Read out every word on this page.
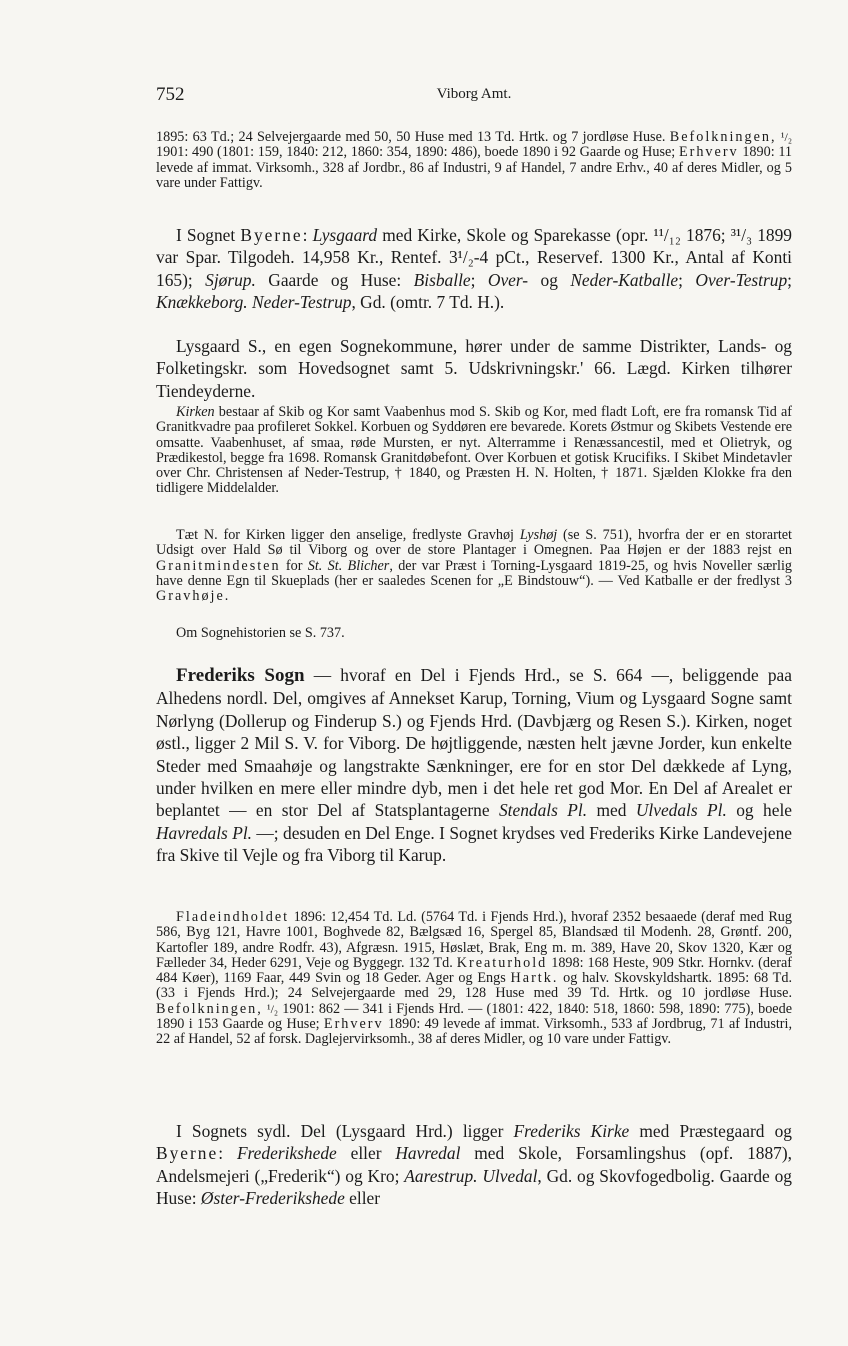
752	Viborg Amt.

1895: 63 Td.; 24 Selvejergaarde med 50, 50 Huse med 13 Td. Hrtk. og 7 jordløse Huse. Befolkningen, ¹/₂ 1901: 490 (1801: 159, 1840: 212, 1860: 354, 1890: 486), boede 1890 i 92 Gaarde og Huse; Erhverv 1890: 11 levede af immat. Virksomh., 328 af Jordbr., 86 af Industri, 9 af Handel, 7 andre Erhv., 40 af deres Midler, og 5 vare under Fattigv.

I Sognet Byerne: Lysgaard med Kirke, Skole og Sparekasse (opr. ¹¹/₁₂ 1876; ³¹/₃ 1899 var Spar. Tilgodeh. 14,958 Kr., Rentef. 3¹/₂-4 pCt., Reservef. 1300 Kr., Antal af Konti 165); Sjørup. Gaarde og Huse: Bisballe; Over- og Neder-Katballe; Over-Testrup; Knækkeborg. Neder-Testrup, Gd. (omtr. 7 Td. H.).

Lysgaard S., en egen Sognekommune, hører under de samme Distrikter, Lands- og Folketingskr. som Hovedsognet samt 5. Udskrivningskr.' 66. Lægd. Kirken tilhører Tiendeyderne.

Kirken bestaar af Skib og Kor samt Vaabenhus mod S. Skib og Kor, med fladt Loft, ere fra romansk Tid af Granitkvadre paa profileret Sokkel. Korbuen og Syddøren ere bevarede. Korets Østmur og Skibets Vestende ere omsatte. Vaabenhuset, af smaa, røde Mursten, er nyt. Alterramme i Renæssancestil, med et Olietryk, og Prædikestol, begge fra 1698. Romansk Granitdøbefont. Over Korbuen et gotisk Krucifiks. I Skibet Mindetavler over Chr. Christensen af Neder-Testrup, † 1840, og Præsten H. N. Holten, † 1871. Sjælden Klokke fra den tidligere Middelalder.

Tæt N. for Kirken ligger den anselige, fredlyste Gravhøj Lyshøj (se S. 751), hvorfra der er en storartet Udsigt over Hald Sø til Viborg og over de store Plantager i Omegnen. Paa Højen er der 1883 rejst en Granitmindesten for St. St. Blicher, der var Præst i Torning-Lysgaard 1819-25, og hvis Noveller særlig have denne Egn til Skueplads (her er saaledes Scenen for „E Bindstouw“). — Ved Katballe er der fredlyst 3 Gravhøje.

Om Sognehistorien se S. 737.

Frederiks Sogn — hvoraf en Del i Fjends Hrd., se S. 664 —, beliggende paa Alhedens nordl. Del, omgives af Annekset Karup, Torning, Vium og Lysgaard Sogne samt Nørlyng (Dollerup og Finderup S.) og Fjends Hrd. (Davbjærg og Resen S.). Kirken, noget østl., ligger 2 Mil S. V. for Viborg. De højtliggende, næsten helt jævne Jorder, kun enkelte Steder med Smaahøje og langstrakte Sænkninger, ere for en stor Del dækkede af Lyng, under hvilken en mere eller mindre dyb, men i det hele ret god Mor. En Del af Arealet er beplantet — en stor Del af Statsplantagerne Stendals Pl. med Ulvedals Pl. og hele Havredals Pl. —; desuden en Del Enge. I Sognet krydses ved Frederiks Kirke Landevejene fra Skive til Vejle og fra Viborg til Karup.

Fladeindholdet 1896: 12,454 Td. Ld. (5764 Td. i Fjends Hrd.), hvoraf 2352 besaaede (deraf med Rug 586, Byg 121, Havre 1001, Boghvede 82, Bælgsæd 16, Spergel 85, Blandsæd til Modenh. 28, Grøntf. 200, Kartofler 189, andre Rodfr. 43), Afgræsn. 1915, Høslæt, Brak, Eng m. m. 389, Have 20, Skov 1320, Kær og Fælleder 34, Heder 6291, Veje og Byggegr. 132 Td. Kreaturhold 1898: 168 Heste, 909 Stkr. Hornkv. (deraf 484 Køer), 1169 Faar, 449 Svin og 18 Geder. Ager og Engs Hartk. og halv. Skovskyldshartk. 1895: 68 Td. (33 i Fjends Hrd.); 24 Selvejergaarde med 29, 128 Huse med 39 Td. Hrtk. og 10 jordløse Huse. Befolkningen, ¹/₂ 1901: 862 — 341 i Fjends Hrd. — (1801: 422, 1840: 518, 1860: 598, 1890: 775), boede 1890 i 153 Gaarde og Huse; Erhverv 1890: 49 levede af immat. Virksomh., 533 af Jordbrug, 71 af Industri, 22 af Handel, 52 af forsk. Daglejervirksomh., 38 af deres Midler, og 10 vare under Fattigv.

I Sognets sydl. Del (Lysgaard Hrd.) ligger Frederiks Kirke med Præstegaard og Byerne: Frederikshede eller Havredal med Skole, Forsamlingshus (opf. 1887), Andelsmejeri („Frederik“) og Kro; Aarestrup. Ulvedal, Gd. og Skovfogedbolig. Gaarde og Huse: Øster-Frederikshede eller
